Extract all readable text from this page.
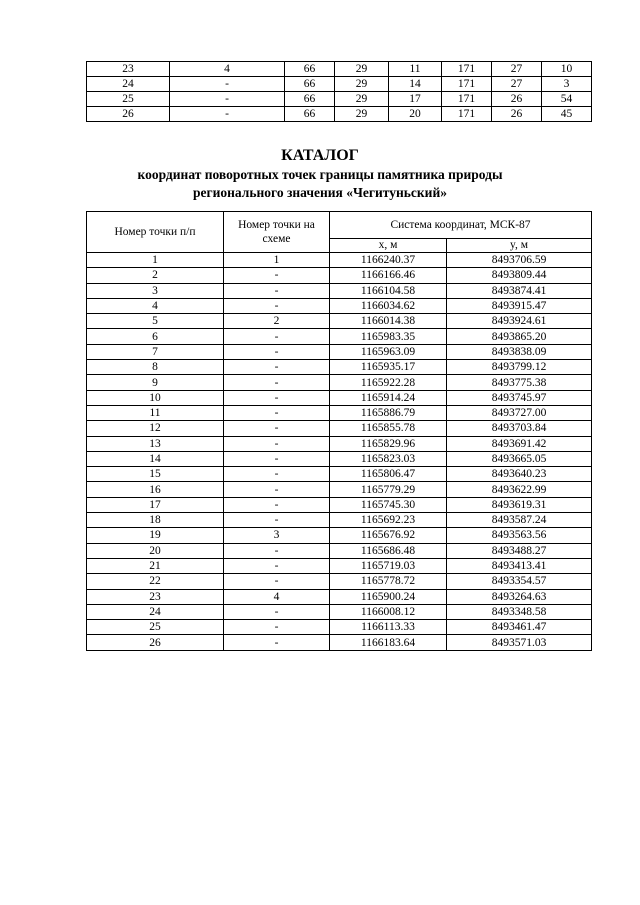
23	4	66	29	11	171	27	10
24	-	66	29	14	171	27	3
25	-	66	29	17	171	26	54
26	-	66	29	20	171	26	45
КАТАЛОГ
координат поворотных точек границы памятника природы
регионального значения «Чегитуньский»
Номер точки п/п	Номер точки на схеме	Система координат, МСК-87	
		x, м	y, м
1	1	1166240.37	8493706.59
2	-	1166166.46	8493809.44
3	-	1166104.58	8493874.41
4	-	1166034.62	8493915.47
5	2	1166014.38	8493924.61
6	-	1165983.35	8493865.20
7	-	1165963.09	8493838.09
8	-	1165935.17	8493799.12
9	-	1165922.28	8493775.38
10	-	1165914.24	8493745.97
11	-	1165886.79	8493727.00
12	-	1165855.78	8493703.84
13	-	1165829.96	8493691.42
14	-	1165823.03	8493665.05
15	-	1165806.47	8493640.23
16	-	1165779.29	8493622.99
17	-	1165745.30	8493619.31
18	-	1165692.23	8493587.24
19	3	1165676.92	8493563.56
20	-	1165686.48	8493488.27
21	-	1165719.03	8493413.41
22	-	1165778.72	8493354.57
23	4	1165900.24	8493264.63
24	-	1166008.12	8493348.58
25	-	1166113.33	8493461.47
26	-	1166183.64	8493571.03
